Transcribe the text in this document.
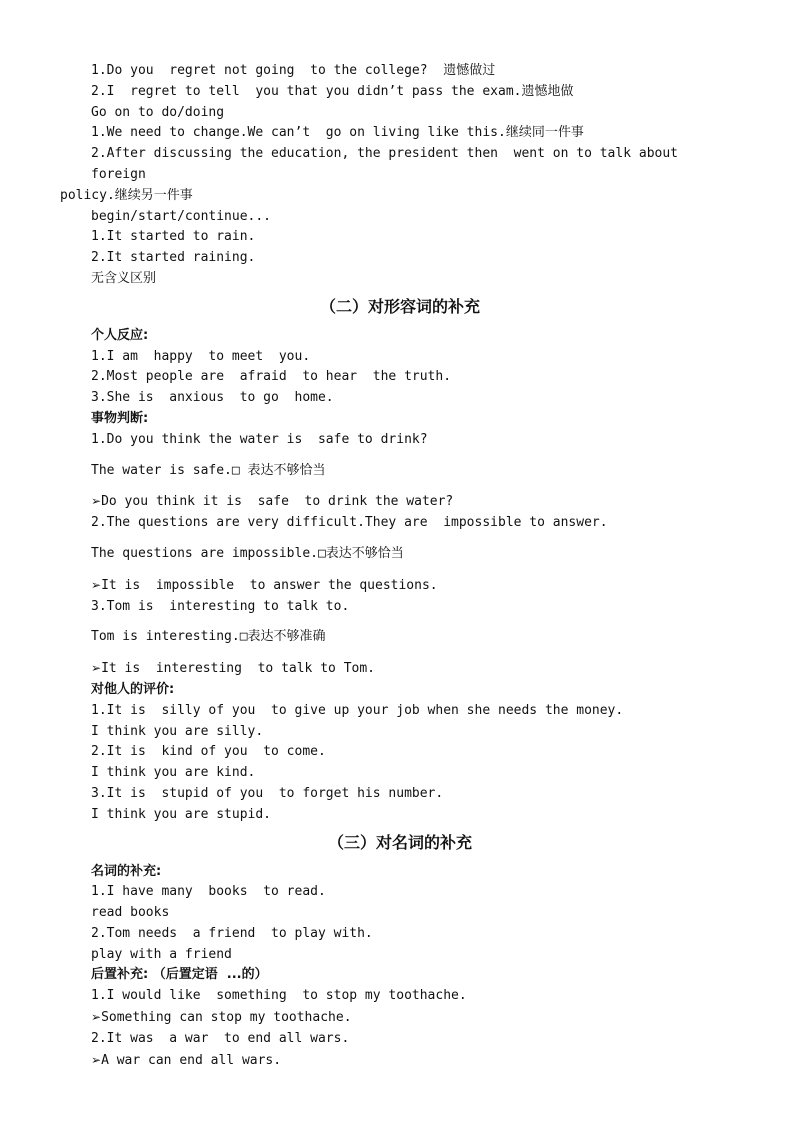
1.Do you  regret not going  to the college?  遗憾做过
2.I  regret to tell  you that you didn’t pass the exam.遗憾地做
Go on to do/doing
1.We need to change.We can’t  go on living like this.继续同一件事
2.After discussing the education, the president then  went on to talk about  foreign
policy.继续另一件事
begin/start/continue...
1.It started to rain.
2.It started raining.
无含义区别
（二）对形容词的补充
个人反应:
1.I am  happy  to meet  you.
2.Most people are  afraid  to hear  the truth.
3.She is  anxious  to go  home.
事物判断:
1.Do you think the water is  safe to drink?
The water is safe.□ 表达不够恰当
➢Do you think it is  safe  to drink the water?
2.The questions are very difficult.They are  impossible to answer.
The questions are impossible.□表达不够恰当
➢It is  impossible  to answer the questions.
3.Tom is  interesting to talk to.
Tom is interesting.□表达不够准确
➢It is  interesting  to talk to Tom.
对他人的评价:
1.It is  silly of you  to give up your job when she needs the money.
I think you are silly.
2.It is  kind of you  to come.
I think you are kind.
3.It is  stupid of you  to forget his number.
I think you are stupid.
（三）对名词的补充
名词的补充:
1.I have many  books  to read.
read books
2.Tom needs  a friend  to play with.
play with a friend
后置补充: （后置定语  ...的）
1.I would like  something  to stop my toothache.
➢Something can stop my toothache.
2.It was  a war  to end all wars.
➢A war can end all wars.
